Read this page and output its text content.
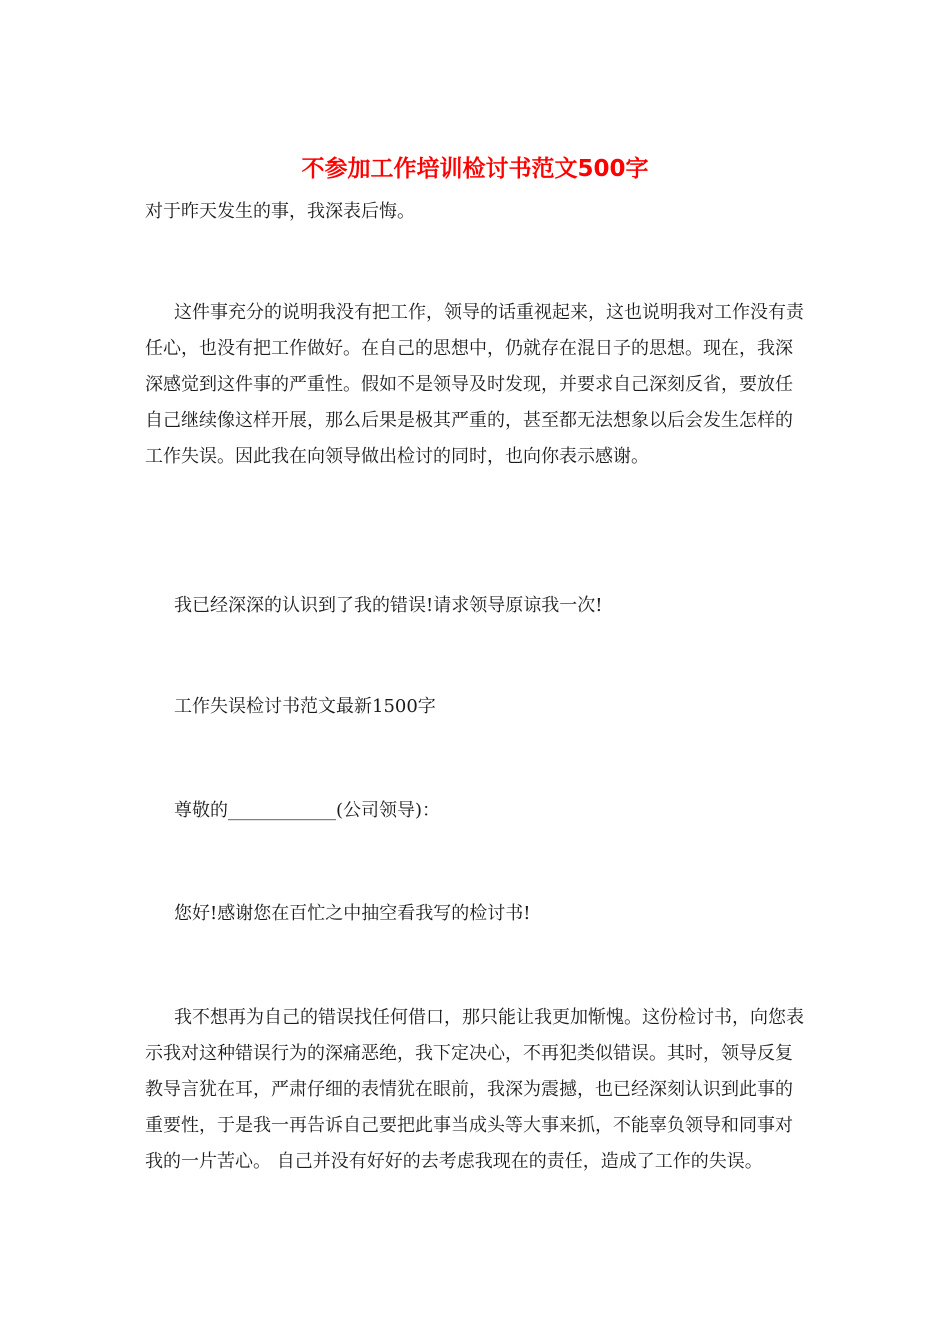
不参加工作培训检讨书范文500字

对于昨天发生的事，我深表后悔。

这件事充分的说明我没有把工作，领导的话重视起来，这也说明我对工作没有责任心，也没有把工作做好。在自己的思想中，仍就存在混日子的思想。现在，我深深感觉到这件事的严重性。假如不是领导及时发现，并要求自己深刻反省，要放任自己继续像这样开展，那么后果是极其严重的，甚至都无法想象以后会发生怎样的工作失误。因此我在向领导做出检讨的同时，也向你表示感谢。

我已经深深的认识到了我的错误!请求领导原谅我一次!

工作失误检讨书范文最新1500字

尊敬的____________(公司领导)：

您好!感谢您在百忙之中抽空看我写的检讨书!

我不想再为自己的错误找任何借口，那只能让我更加惭愧。这份检讨书，向您表示我对这种错误行为的深痛恶绝，我下定决心，不再犯类似错误。其时，领导反复教导言犹在耳，严肃仔细的表情犹在眼前，我深为震撼，也已经深刻认识到此事的重要性，于是我一再告诉自己要把此事当成头等大事来抓，不能辜负领导和同事对我的一片苦心。 自己并没有好好的去考虑我现在的责任，造成了工作的失误。
